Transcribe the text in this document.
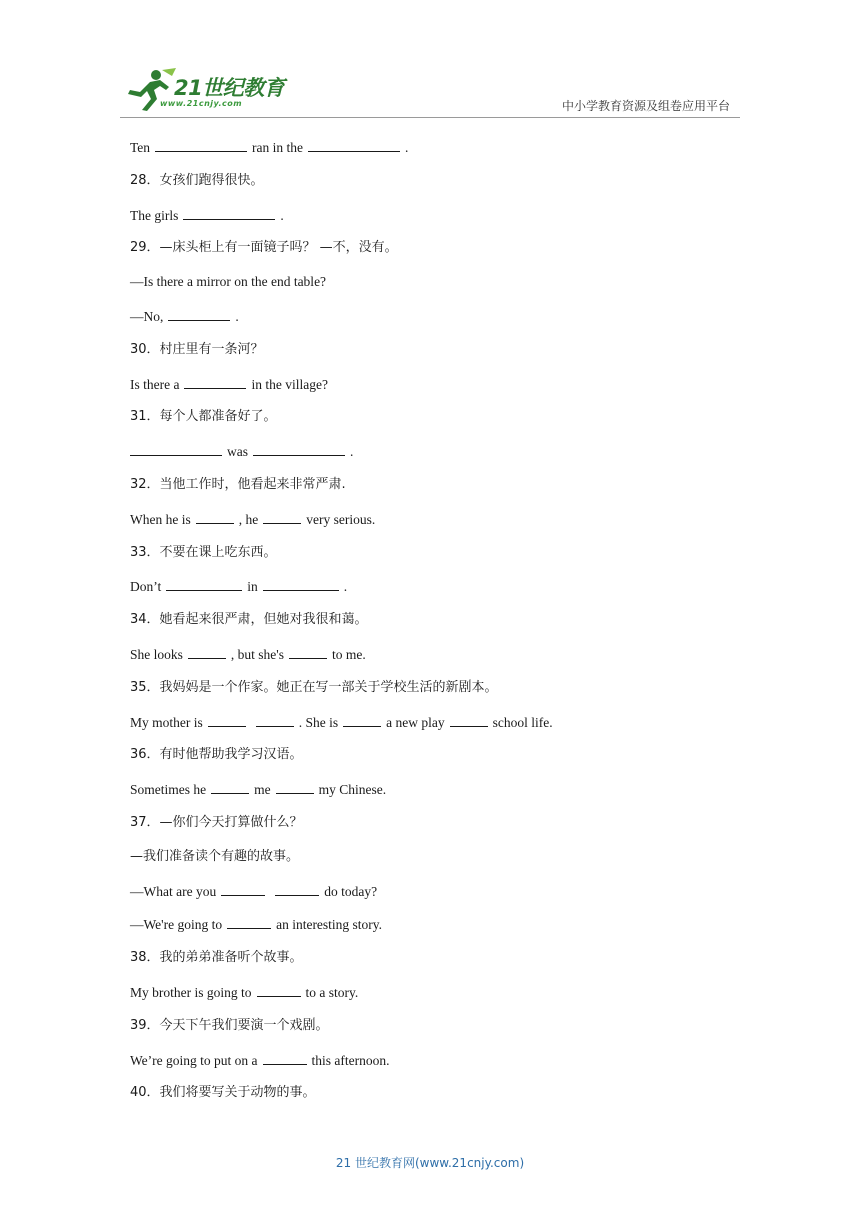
21世纪教育
www.21cnjy.com	中小学教育资源及组卷应用平台
Ten	ran in the	.
28．女孩们跑得很快。
The girls	.
29．—床头柜上有一面镜子吗？ —不，没有。
—Is there a mirror on the end table?
—No,	.
30．村庄里有一条河？
Is there a	in the village?
31．每个人都准备好了。
was	.
32．当他工作时，他看起来非常严肃.
When he is	, he	very serious.
33．不要在课上吃东西。
Don’t	in	.
34．她看起来很严肃，但她对我很和蔼。
She looks	, but she's	to me.
35．我妈妈是一个作家。她正在写一部关于学校生活的新剧本。
My mother is	. She is	a new play	school life.
36．有时他帮助我学习汉语。
Sometimes he	me	my Chinese.
37．—你们今天打算做什么？
—我们准备读个有趣的故事。
—What are you	do today?
—We're going to	an interesting story.
38．我的弟弟准备听个故事。
My brother is going to	to a story.
39．今天下午我们要演一个戏剧。
We’re going to put on a	this afternoon.
40．我们将要写关于动物的事。
21 世纪教育网(www.21cnjy.com)
